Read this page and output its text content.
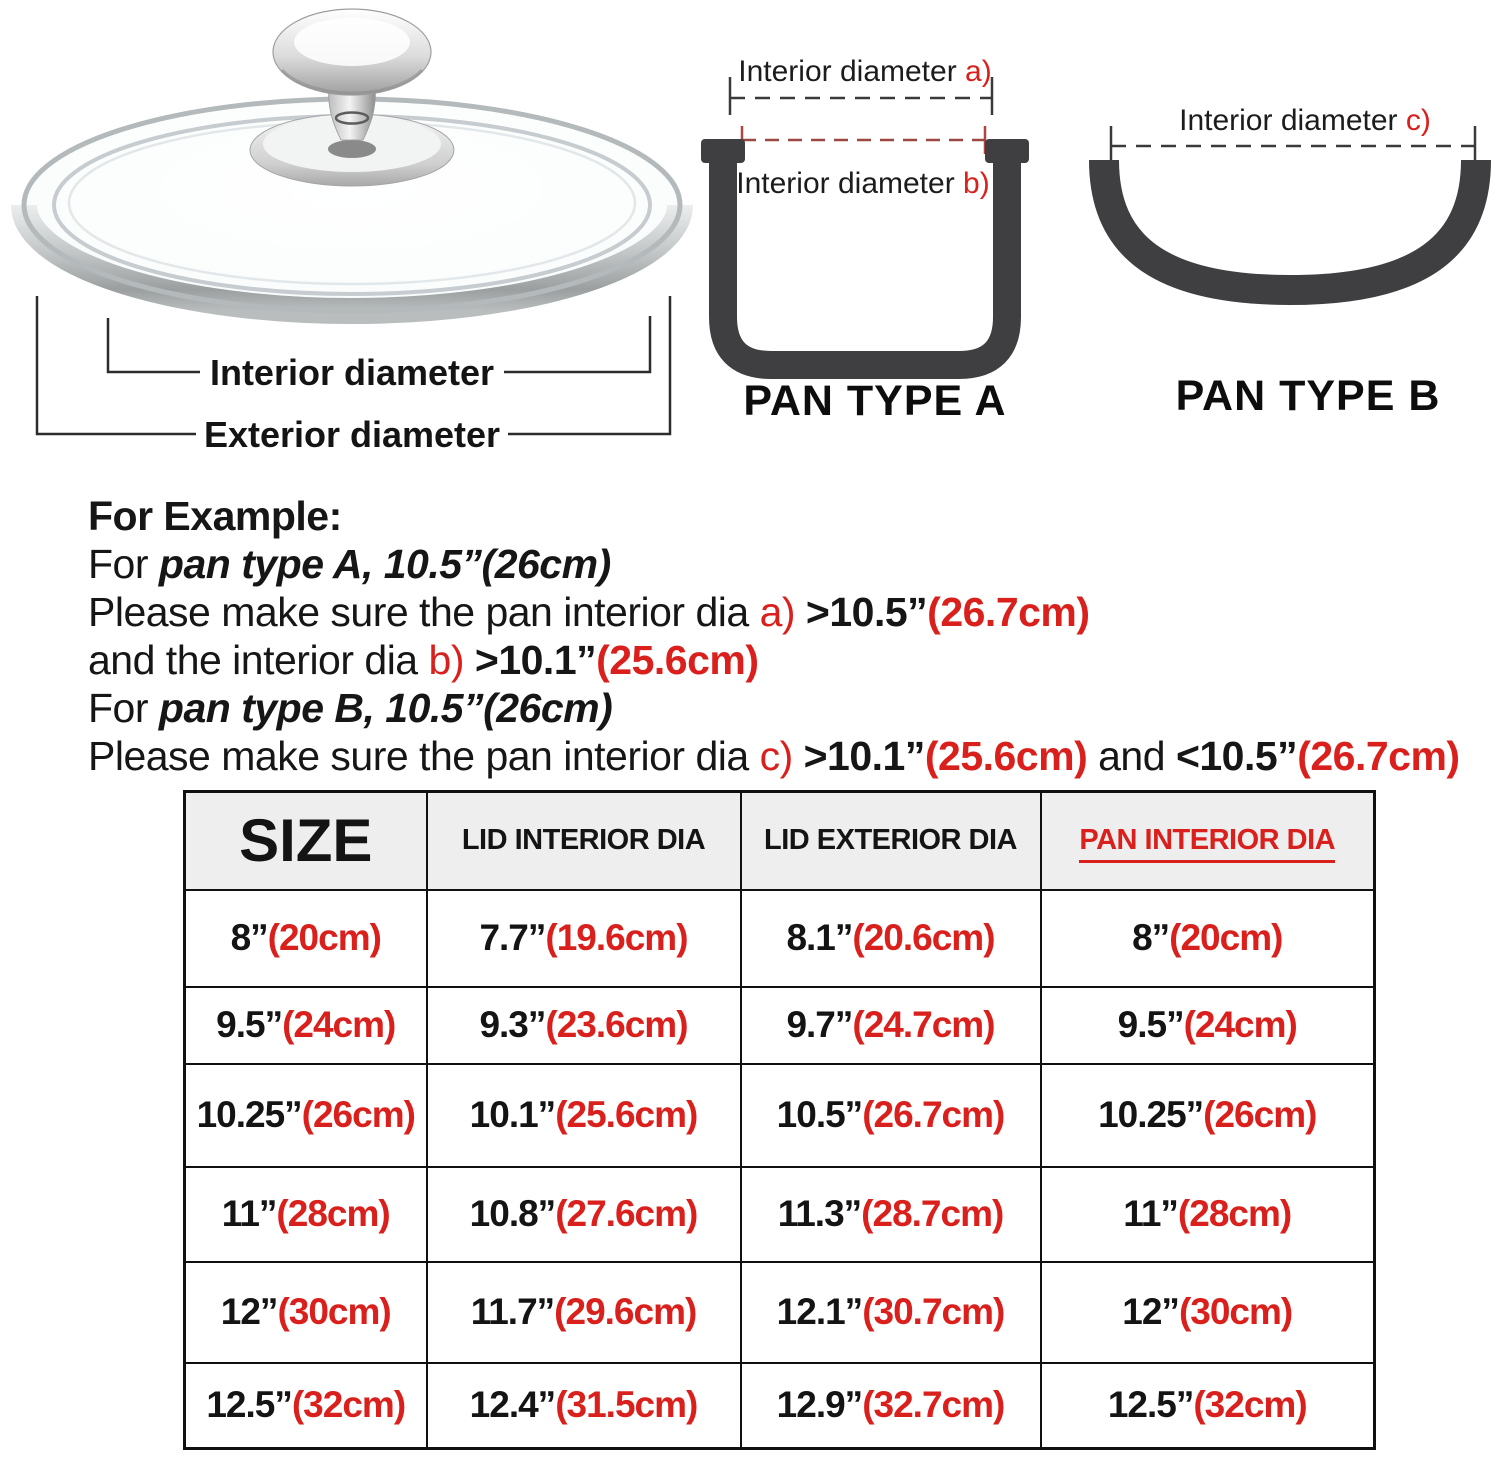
Interior diameter
Exterior diameter
Interior diameter a)
Interior diameter b)
PAN TYPE A
Interior diameter c)
PAN TYPE B
For Example:
For pan type A, 10.5”(26cm)
Please make sure the pan interior dia a) >10.5”(26.7cm)
and the interior dia b) >10.1”(25.6cm)
For pan type B, 10.5”(26cm)
Please make sure the pan interior dia c) >10.1”(25.6cm) and <10.5”(26.7cm)
SIZE	LID INTERIOR DIA	LID EXTERIOR DIA	PAN INTERIOR DIA
8”(20cm)	7.7”(19.6cm)	8.1”(20.6cm)	8”(20cm)
9.5”(24cm)	9.3”(23.6cm)	9.7”(24.7cm)	9.5”(24cm)
10.25”(26cm)	10.1”(25.6cm)	10.5”(26.7cm)	10.25”(26cm)
11”(28cm)	10.8”(27.6cm)	11.3”(28.7cm)	11”(28cm)
12”(30cm)	11.7”(29.6cm)	12.1”(30.7cm)	12”(30cm)
12.5”(32cm)	12.4”(31.5cm)	12.9”(32.7cm)	12.5”(32cm)
